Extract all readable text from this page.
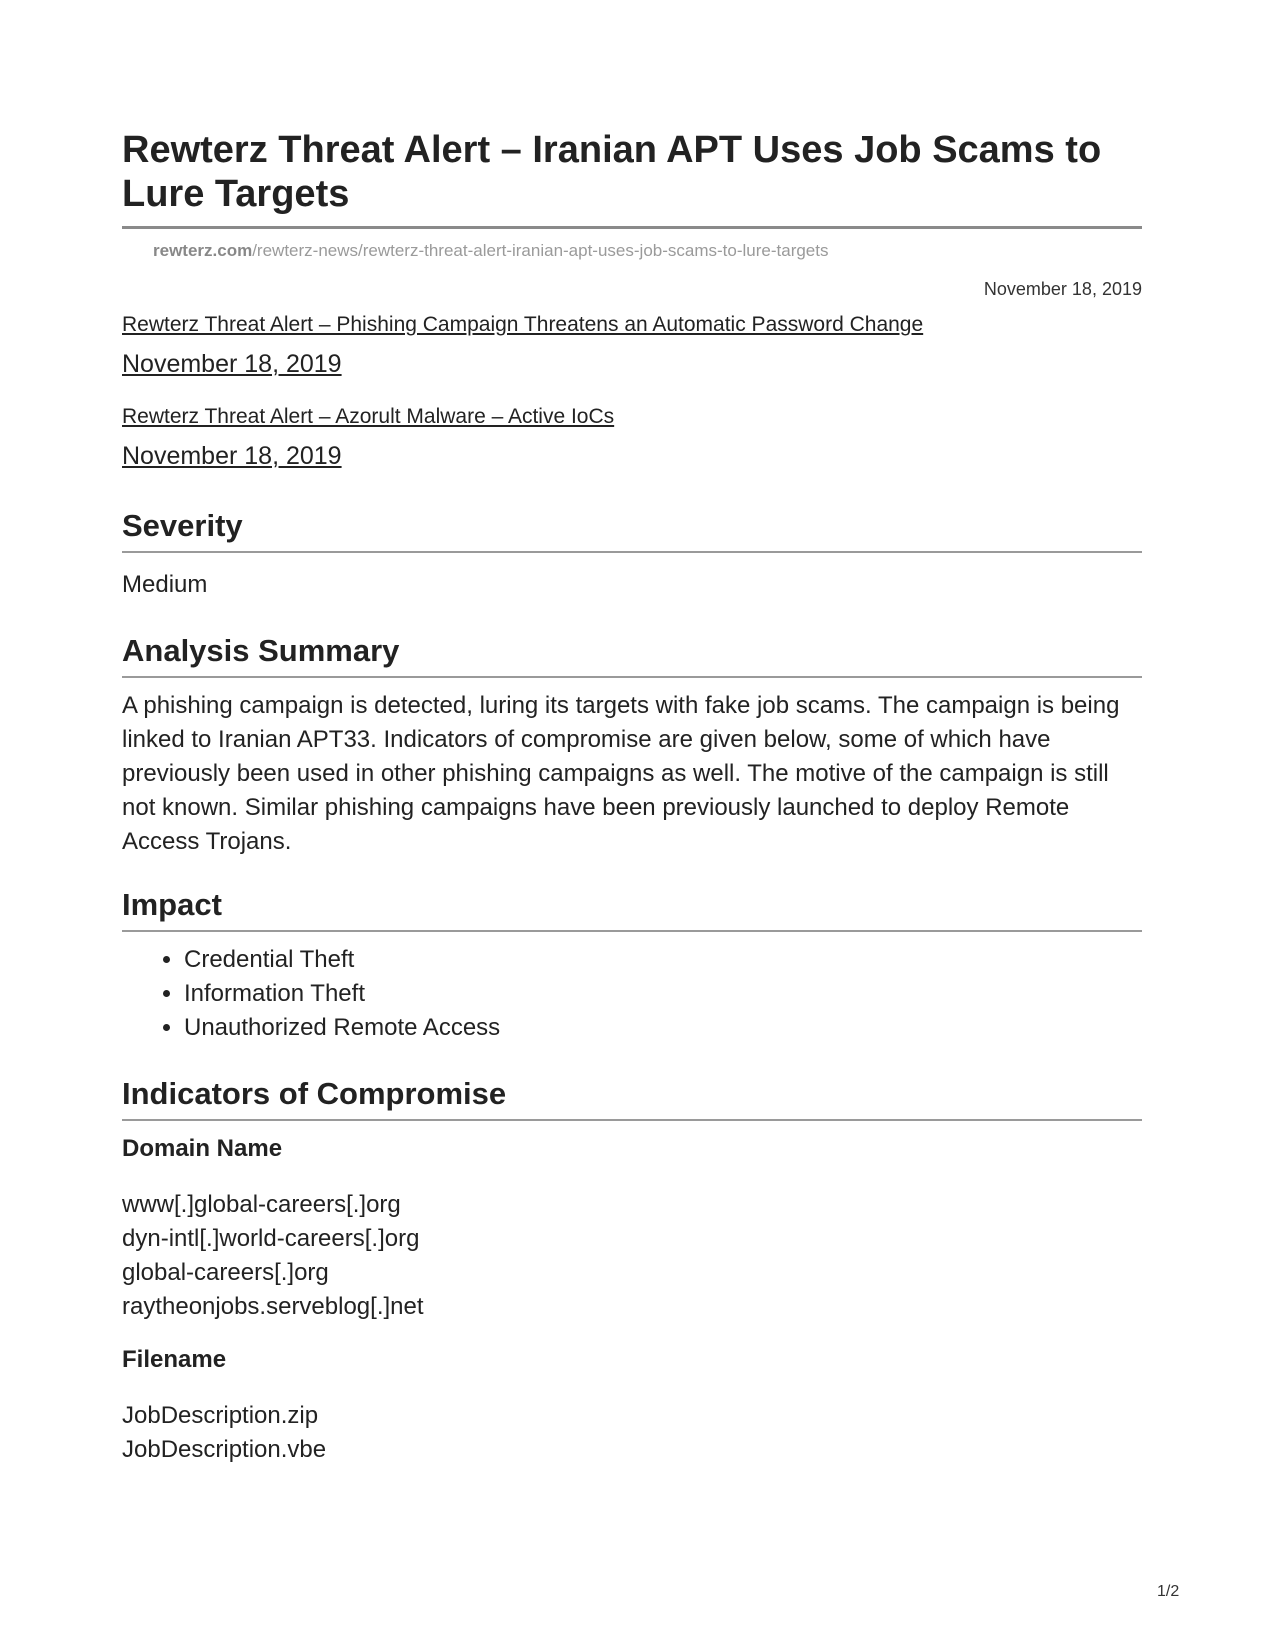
Rewterz Threat Alert – Iranian APT Uses Job Scams to Lure Targets
rewterz.com/rewterz-news/rewterz-threat-alert-iranian-apt-uses-job-scams-to-lure-targets
November 18, 2019
Rewterz Threat Alert – Phishing Campaign Threatens an Automatic Password Change
November 18, 2019
Rewterz Threat Alert – Azorult Malware – Active IoCs
November 18, 2019
Severity
Medium
Analysis Summary
A phishing campaign is detected, luring its targets with fake job scams. The campaign is being linked to Iranian APT33. Indicators of compromise are given below, some of which have previously been used in other phishing campaigns as well. The motive of the campaign is still not known. Similar phishing campaigns have been previously launched to deploy Remote Access Trojans.
Impact
• Credential Theft
• Information Theft
• Unauthorized Remote Access
Indicators of Compromise
Domain Name
www[.]global-careers[.]org
dyn-intl[.]world-careers[.]org
global-careers[.]org
raytheonjobs.serveblog[.]net
Filename
JobDescription.zip
JobDescription.vbe
1/2
